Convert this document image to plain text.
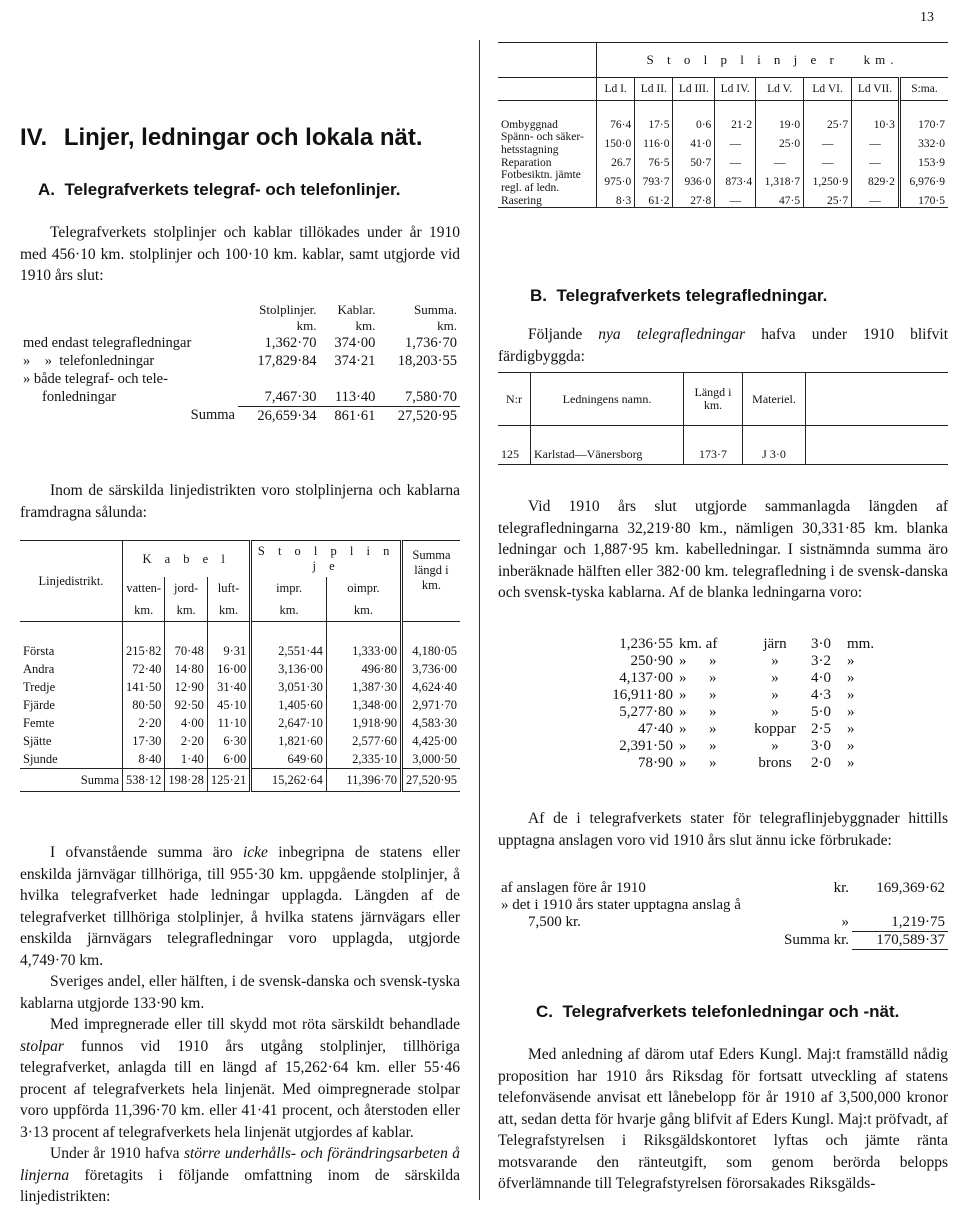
13
IV. Linjer, ledningar och lokala nät.
A.  Telegrafverkets telegraf- och telefonlinjer.

Telegrafverkets stolplinjer och kablar tillökades under år 1910 med 456·10 km. stolplinjer och 100·10 km. kablar, samt utgjorde vid 1910 års slut:

	Stolplinjer.	Kablar.	Summa.
	km.	km.	km.
med endast telegrafledningar	1,362·70	374·00	1,736·70
»    »  telefonledningar	17,829·84	374·21	18,203·55
» både telegraf- och tele-			
fonledningar	7,467·30	113·40	7,580·70
Summa	26,659·34	861·61	27,520·95

Inom de särskilda linjedistrikten voro stolplinjerna och kablarna framdragna sålunda:

Linjedistrikt.	K a b e l			S t o l p l i n j e		Summa längd i km.
	vatten-	jord-	luft-	impr.	oimpr.	
	km.	km.	km.	km.	km.	

Första	215·82	70·48	9·31	2,551·44	1,333·00	4,180·05
Andra	72·40	14·80	16·00	3,136·00	496·80	3,736·00
Tredje	141·50	12·90	31·40	3,051·30	1,387·30	4,624·40
Fjärde	80·50	92·50	45·10	1,405·60	1,348·00	2,971·70
Femte	2·20	4·00	11·10	2,647·10	1,918·90	4,583·30
Sjätte	17·30	2·20	6·30	1,821·60	2,577·60	4,425·00
Sjunde	8·40	1·40	6·00	649·60	2,335·10	3,000·50
Summa	538·12	198·28	125·21	15,262·64	11,396·70	27,520·95

I ofvanstående summa äro icke inbegripna de statens eller enskilda järnvägar tillhöriga, till 955·30 km. uppgående stolplinjer, å hvilka telegrafverket hade ledningar upplagda. Längden af de telegrafverket tillhöriga stolplinjer, å hvilka statens järnvägars eller enskilda järnvägars telegrafledningar voro upplagda, utgjorde 4,749·70 km.

Sveriges andel, eller hälften, i de svensk-danska och svensk-tyska kablarna utgjorde 133·90 km.

Med impregnerade eller till skydd mot röta särskildt behandlade stolpar funnos vid 1910 års utgång stolplinjer, tillhöriga telegrafverket, anlagda till en längd af 15,262·64 km. eller 55·46 procent af telegrafverkets hela linjenät. Med oimpregnerade stolpar voro uppförda 11,396·70 km. eller 41·41 procent, och återstoden eller 3·13 procent af telegrafverkets hela linjenät utgjordes af kablar.

Under år 1910 hafva större underhålls- och förändringsarbeten å linjerna företagits i följande omfattning inom de särskilda linjedistrikten:

	S t o l p l i n j e r   km.							
	Ld I.	Ld II.	Ld III.	Ld IV.	Ld V.	Ld VI.	Ld VII.	S:ma.

Ombyggnad	76·4	17·5	0·6	21·2	19·0	25·7	10·3	170·7
Spänn- och säker-hetsstagning	150·0	116·0	41·0	—	25·0	—	—	332·0
Reparation	26.7	76·5	50·7	—	—	—	—	153·9
Fotbesiktn. jämte regl. af ledn.	975·0	793·7	936·0	873·4	1,318·7	1,250·9	829·2	6,976·9
Rasering	8·3	61·2	27·8	—	47·5	25·7	—	170·5
B.  Telegrafverkets telegrafledningar.

Följande nya telegrafledningar hafva under 1910 blifvit färdigbyggda:

N:r	Ledningens namn.	Längd i km.	Materiel.	

125	Karlstad—Vänersborg	173·7	J 3·0	

Vid 1910 års slut utgjorde sammanlagda längden af telegrafledningarna 32,219·80 km., nämligen 30,331·85 km. blanka ledningar och 1,887·95 km. kabelledningar. I sistnämnda summa äro inberäknade hälften eller 382·00 km. telegrafledning i de svensk-danska och svensk-tyska kablarna. Af de blanka ledningarna voro:

1,236·55	km. af	järn	3·0	mm.
250·90	»      »	»	3·2	»
4,137·00	»      »	»	4·0	»
16,911·80	»      »	»	4·3	»
5,277·80	»      »	»	5·0	»
47·40	»      »	koppar	2·5	»
2,391·50	»      »	»	3·0	»
78·90	»      »	brons	2·0	»

Af de i telegrafverkets stater för telegraflinjebyggnader hittills upptagna anslagen voro vid 1910 års slut ännu icke förbrukade:

af anslagen före år 1910	kr.	169,369·62
» det i 1910 års stater upptagna anslag å		
7,500 kr.	»	1,219·75
Summa kr.		170,589·37
C.  Telegrafverkets telefonledningar och -nät.

Med anledning af därom utaf Eders Kungl. Maj:t framställd nådig proposition har 1910 års Riksdag för fortsatt utveckling af statens telefonväsende anvisat ett lånebelopp för år 1910 af 3,500,000 kronor att, sedan detta för hvarje gång blifvit af Eders Kungl. Maj:t pröfvadt, af Telegrafstyrelsen i Riksgäldskontoret lyftas och jämte ränta motsvarande den ränteutgift, som genom berörda belopps öfverlämnande till Telegrafstyrelsen förorsakades Riksgälds-
